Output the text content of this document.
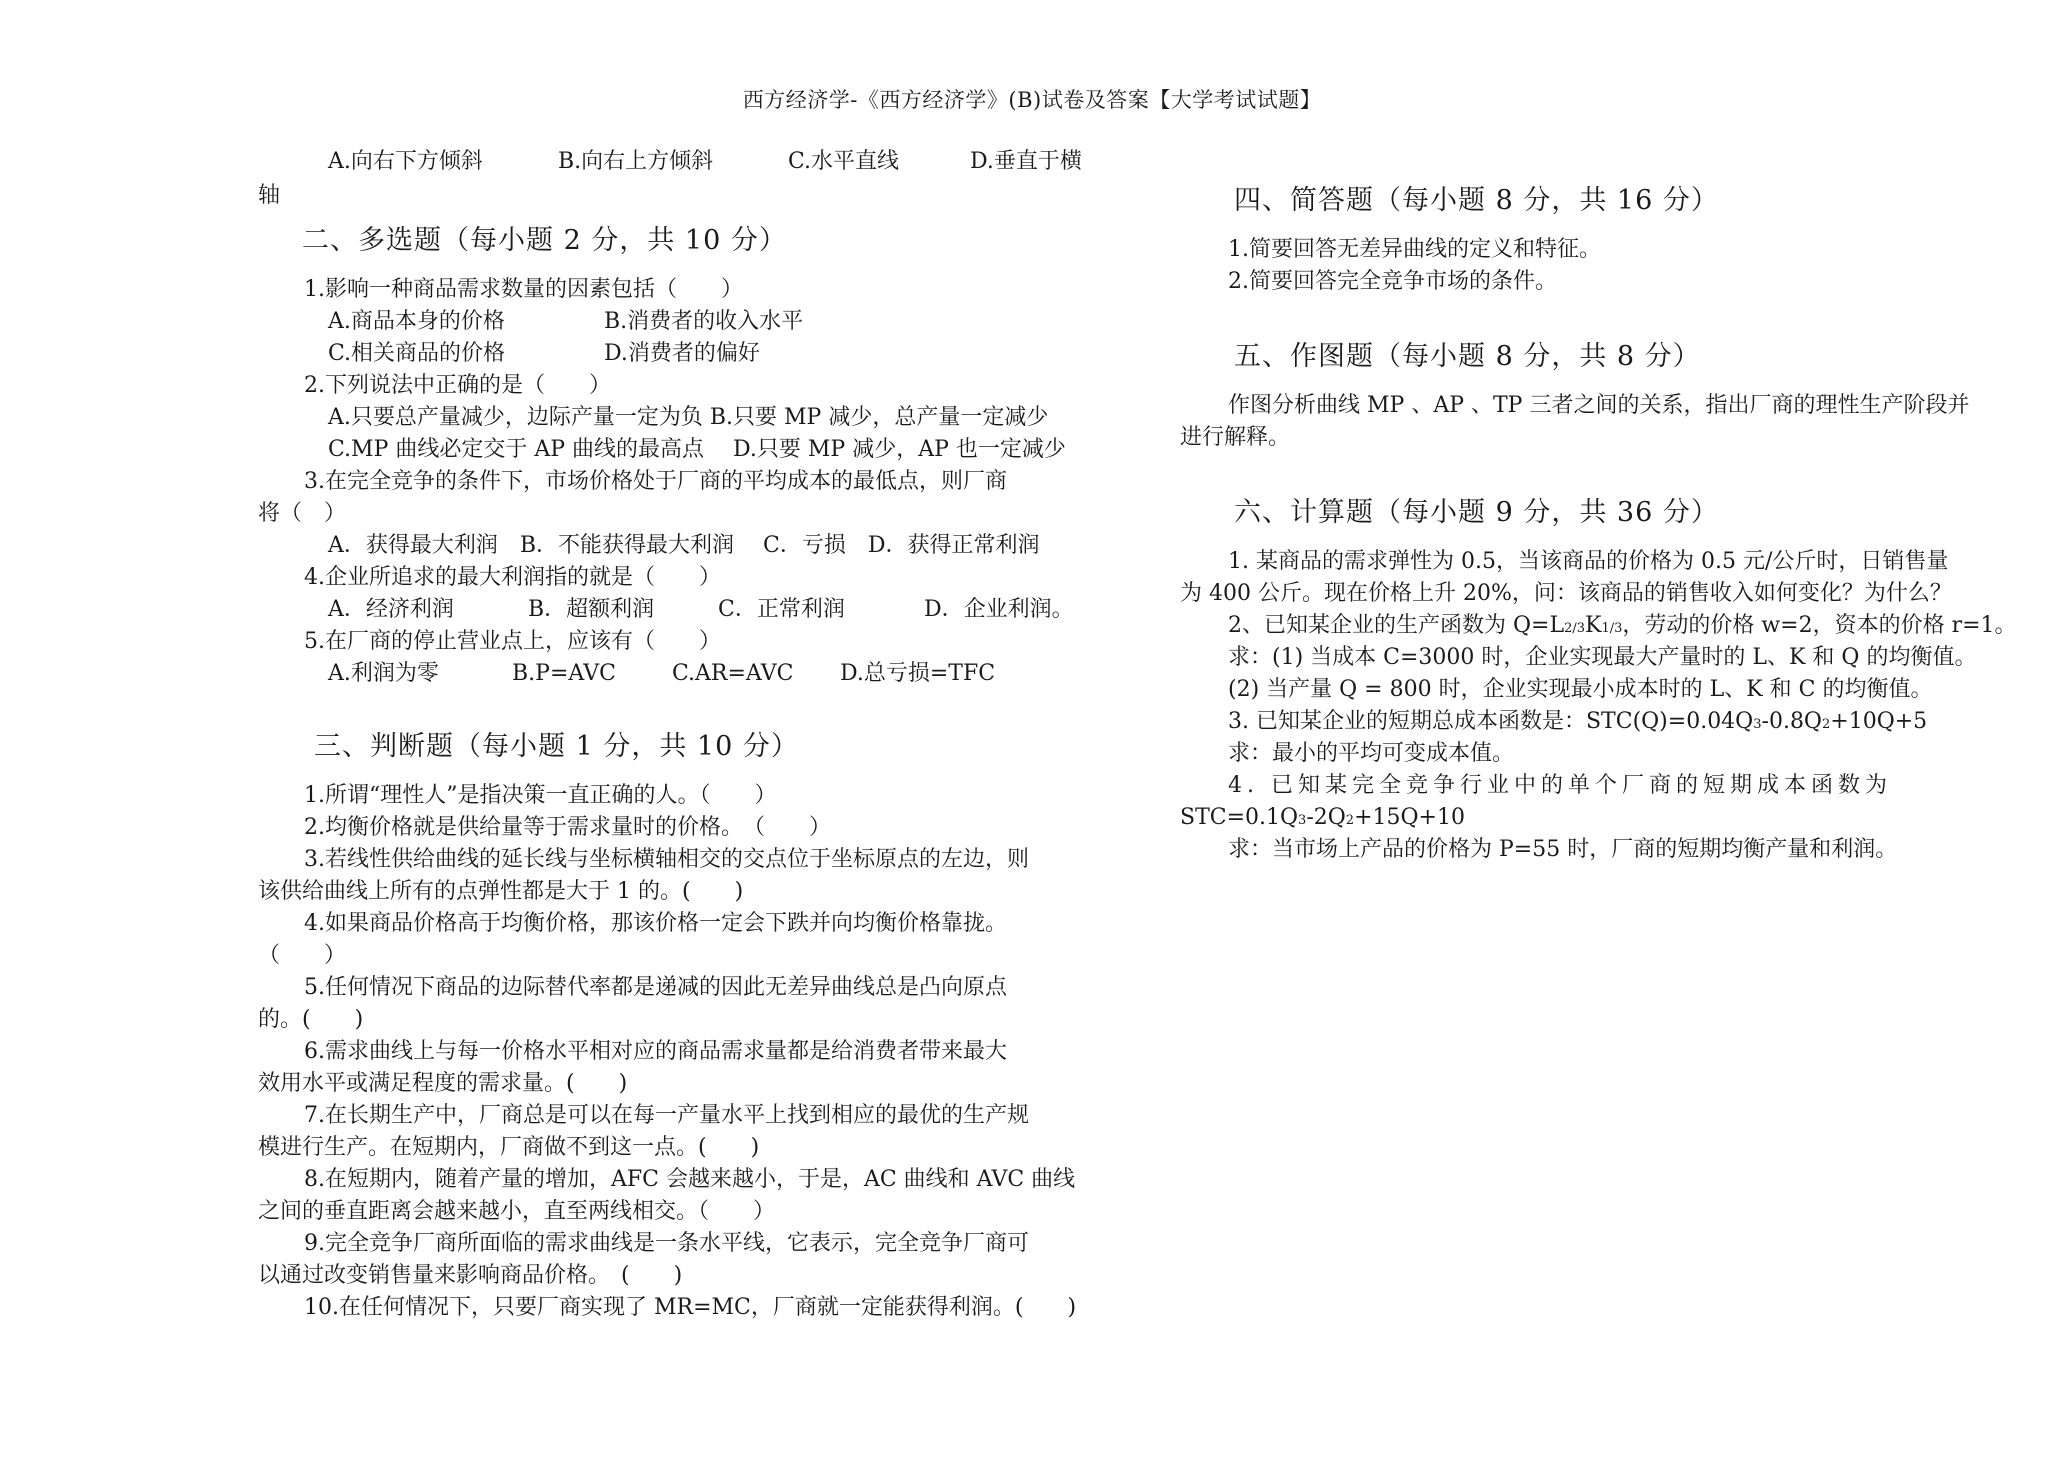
西方经济学-《西方经济学》(B)试卷及答案【大学考试试题】
A.向右下方倾斜	B.向右上方倾斜	C.水平直线	D.垂直于横
轴
二、多选题（每小题 2 分，共 10 分）
1.影响一种商品需求数量的因素包括（　　）
A.商品本身的价格	B.消费者的收入水平
C.相关商品的价格	D.消费者的偏好
2.下列说法中正确的是（　　）
A.只要总产量减少，边际产量一定为负 B.只要 MP 减少，总产量一定减少
C.MP 曲线必定交于 AP 曲线的最高点　 D.只要 MP 减少，AP 也一定减少
3.在完全竞争的条件下，市场价格处于厂商的平均成本的最低点，则厂商
将（　）
A．获得最大利润　B．不能获得最大利润　 C．亏损　D．获得正常利润
4.企业所追求的最大利润指的就是（　　）
A．经济利润	B．超额利润	C．正常利润	D．企业利润。
5.在厂商的停止营业点上，应该有（　　）
A.利润为零	B.P=AVC	C.AR=AVC D.总亏损=TFC
三、判断题（每小题 1 分，共 10 分）
1.所谓“理性人”是指决策一直正确的人。（　　）
2.均衡价格就是供给量等于需求量时的价格。　（　　）
3.若线性供给曲线的延长线与坐标横轴相交的交点位于坐标原点的左边，则
该供给曲线上所有的点弹性都是大于 1 的。(　　)
4.如果商品价格高于均衡价格，那该价格一定会下跌并向均衡价格靠拢。
（　　）
5.任何情况下商品的边际替代率都是递减的因此无差异曲线总是凸向原点
的。(　　)
6.需求曲线上与每一价格水平相对应的商品需求量都是给消费者带来最大
效用水平或满足程度的需求量。(　　)
7.在长期生产中，厂商总是可以在每一产量水平上找到相应的最优的生产规
模进行生产。在短期内，厂商做不到这一点。(　　)
8.在短期内，随着产量的增加，AFC 会越来越小，于是，AC 曲线和 AVC 曲线
之间的垂直距离会越来越小，直至两线相交。（　　）
9.完全竞争厂商所面临的需求曲线是一条水平线，它表示，完全竞争厂商可
以通过改变销售量来影响商品价格。　(　　)
10.在任何情况下，只要厂商实现了 MR=MC，厂商就一定能获得利润。(　　)
四、简答题（每小题 8 分，共 16 分）
1.简要回答无差异曲线的定义和特征。
2.简要回答完全竞争市场的条件。
五、作图题（每小题 8 分，共 8 分）
作图分析曲线 MP 、AP 、TP 三者之间的关系，指出厂商的理性生产阶段并
进行解释。
六、计算题（每小题 9 分，共 36 分）
1. 某商品的需求弹性为 0.5，当该商品的价格为 0.5 元/公斤时，日销售量
为 400 公斤。现在价格上升 20%，问：该商品的销售收入如何变化？为什么？
2、已知某企业的生产函数为 Q=L2/3K1/3，劳动的价格 w=2，资本的价格 r=1。
求：(1) 当成本 C=3000 时，企业实现最大产量时的 L、K 和 Q 的均衡值。
(2) 当产量 Q = 800 时，企业实现最小成本时的 L、K 和 C 的均衡值。
3. 已知某企业的短期总成本函数是：STC(Q)=0.04Q3-0.8Q2+10Q+5
求：最小的平均可变成本值。
4. 已知某完全竞争行业中的单个厂商的短期成本函数为
STC=0.1Q3-2Q2+15Q+10
求：当市场上产品的价格为 P=55 时，厂商的短期均衡产量和利润。
